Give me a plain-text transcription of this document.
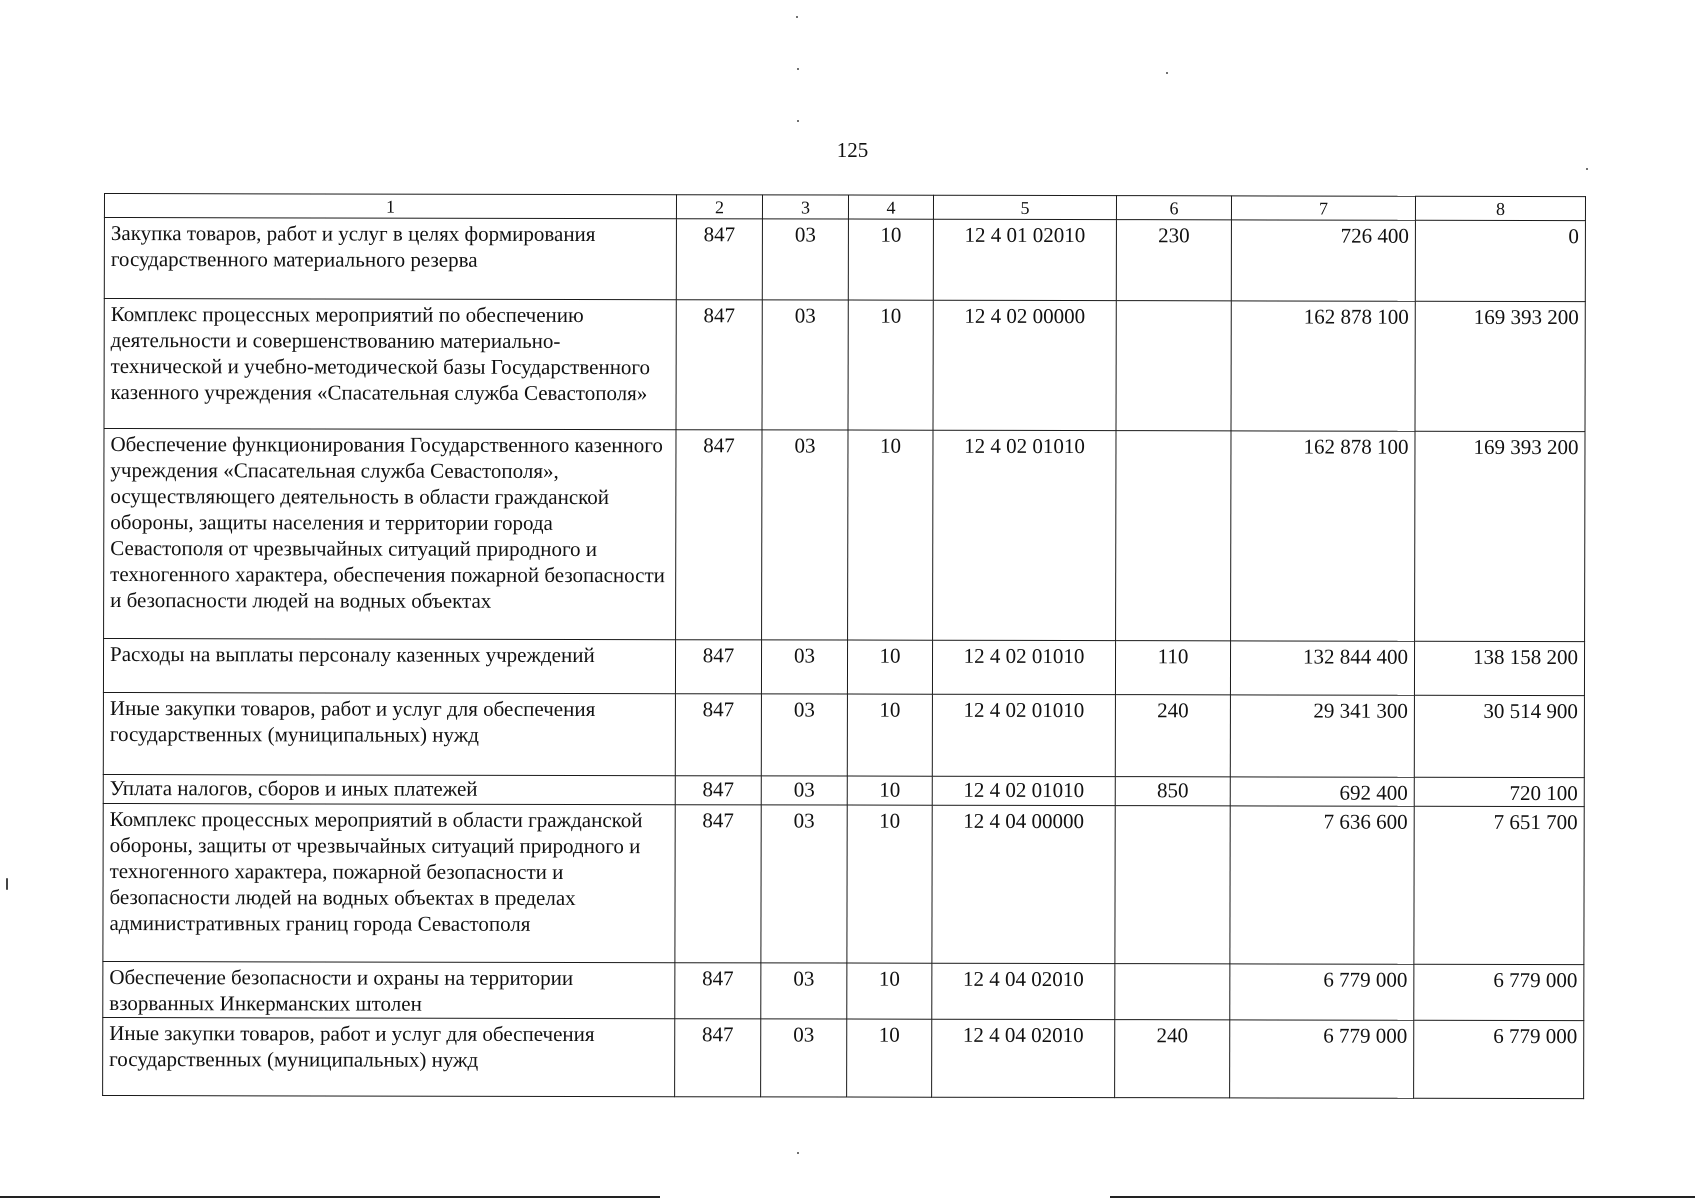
125
1	2	3	4	5	6	7	8
Закупка товаров, работ и услуг в целях формирования государственного материального резерва	847	03	10	12 4 01 02010	230	726 400	0
Комплекс процессных мероприятий по обеспечению деятельности и совершенствованию материально-технической и учебно-методической базы Государственного казенного учреждения «Спасательная служба Севастополя»	847	03	10	12 4 02 00000		162 878 100	169 393 200
Обеспечение функционирования Государственного казенного учреждения «Спасательная служба Севастополя», осуществляющего деятельность в области гражданской обороны, защиты населения и территории города Севастополя от чрезвычайных ситуаций природного и техногенного характера, обеспечения пожарной безопасности и безопасности людей на водных объектах	847	03	10	12 4 02 01010		162 878 100	169 393 200
Расходы на выплаты персоналу казенных учреждений	847	03	10	12 4 02 01010	110	132 844 400	138 158 200
Иные закупки товаров, работ и услуг для обеспечения государственных (муниципальных) нужд	847	03	10	12 4 02 01010	240	29 341 300	30 514 900
Уплата налогов, сборов и иных платежей	847	03	10	12 4 02 01010	850	692 400	720 100
Комплекс процессных мероприятий в области гражданской обороны, защиты от чрезвычайных ситуаций природного и техногенного характера, пожарной безопасности и безопасности людей на водных объектах в пределах административных границ города Севастополя	847	03	10	12 4 04 00000		7 636 600	7 651 700
Обеспечение безопасности и охраны на территории взорванных Инкерманских штолен	847	03	10	12 4 04 02010		6 779 000	6 779 000
Иные закупки товаров, работ и услуг для обеспечения государственных (муниципальных) нужд	847	03	10	12 4 04 02010	240	6 779 000	6 779 000
